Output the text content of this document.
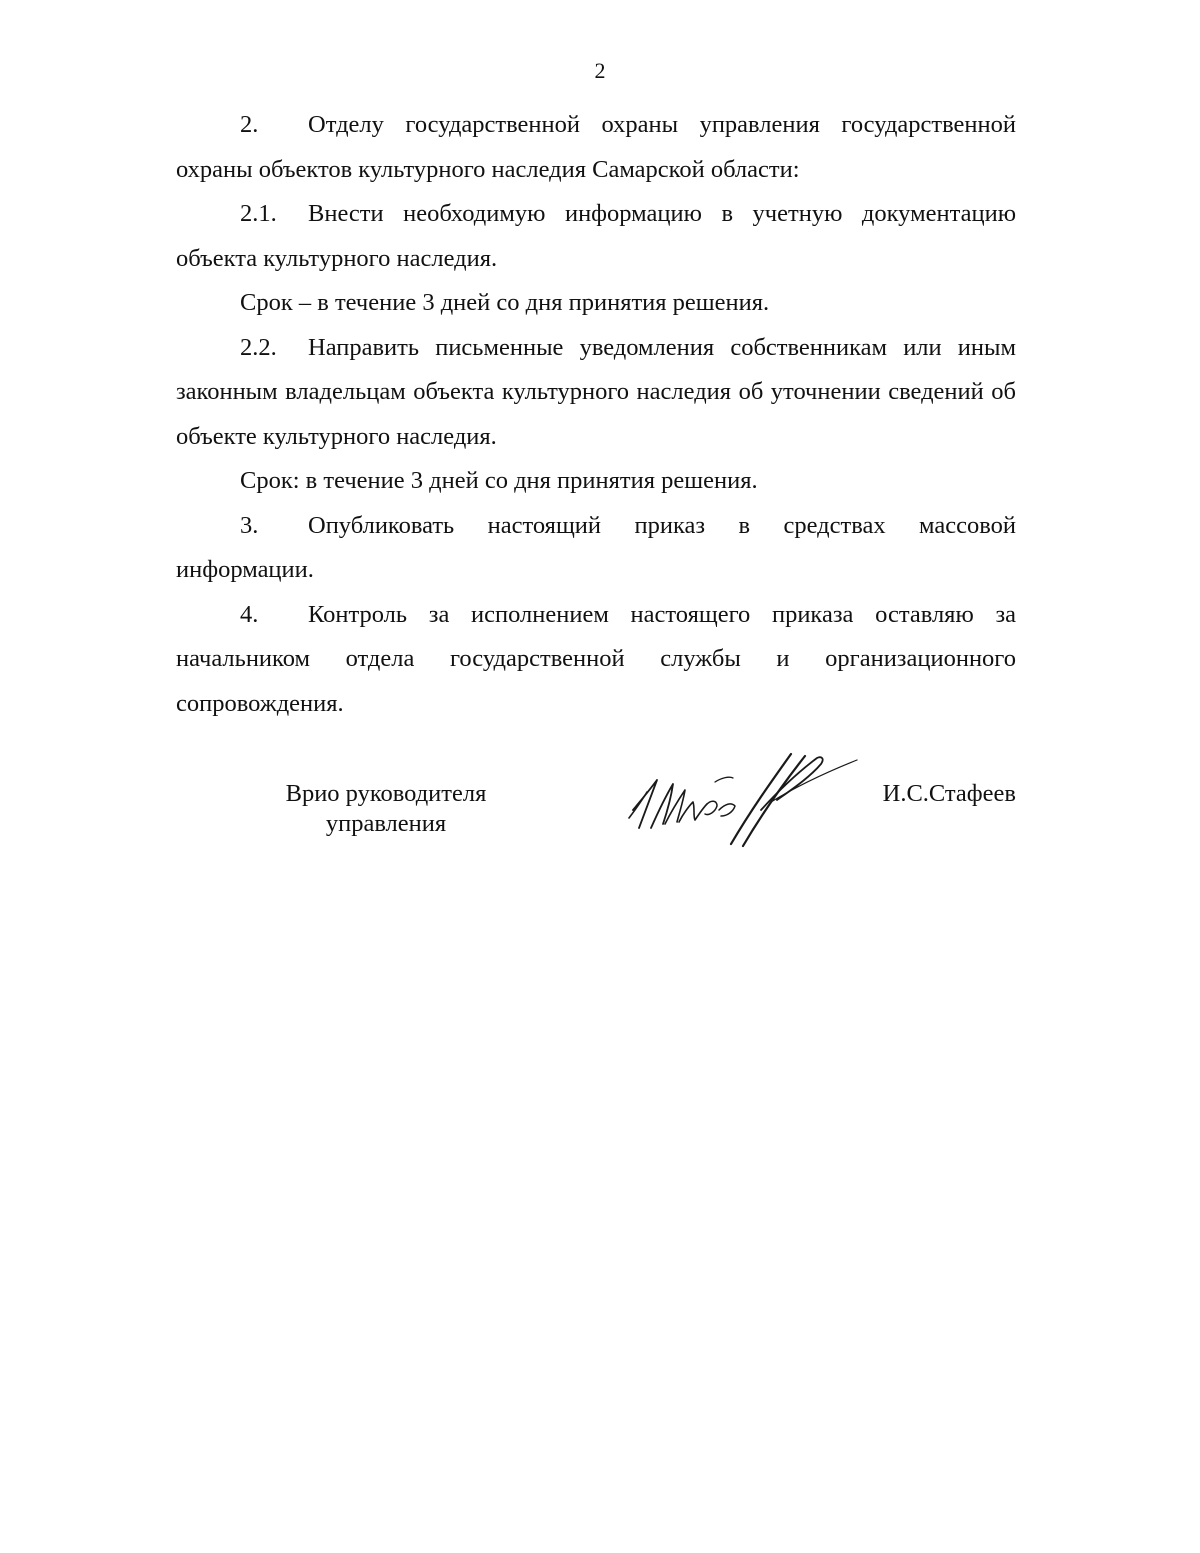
2

2. Отделу государственной охраны управления государственной охраны объектов культурного наследия Самарской области:

2.1. Внести необходимую информацию в учетную документацию объекта культурного наследия.

Срок – в течение 3 дней со дня принятия решения.

2.2. Направить письменные уведомления собственникам или иным законным владельцам объекта культурного наследия об уточнении сведений об объекте культурного наследия.

Срок: в течение 3 дней со дня принятия решения.

3. Опубликовать настоящий приказ в средствах массовой информации.

4. Контроль за исполнением настоящего приказа оставляю за начальником отдела государственной службы и организационного сопровождения.

Врио руководителя
управления
И.С.Стафеев
